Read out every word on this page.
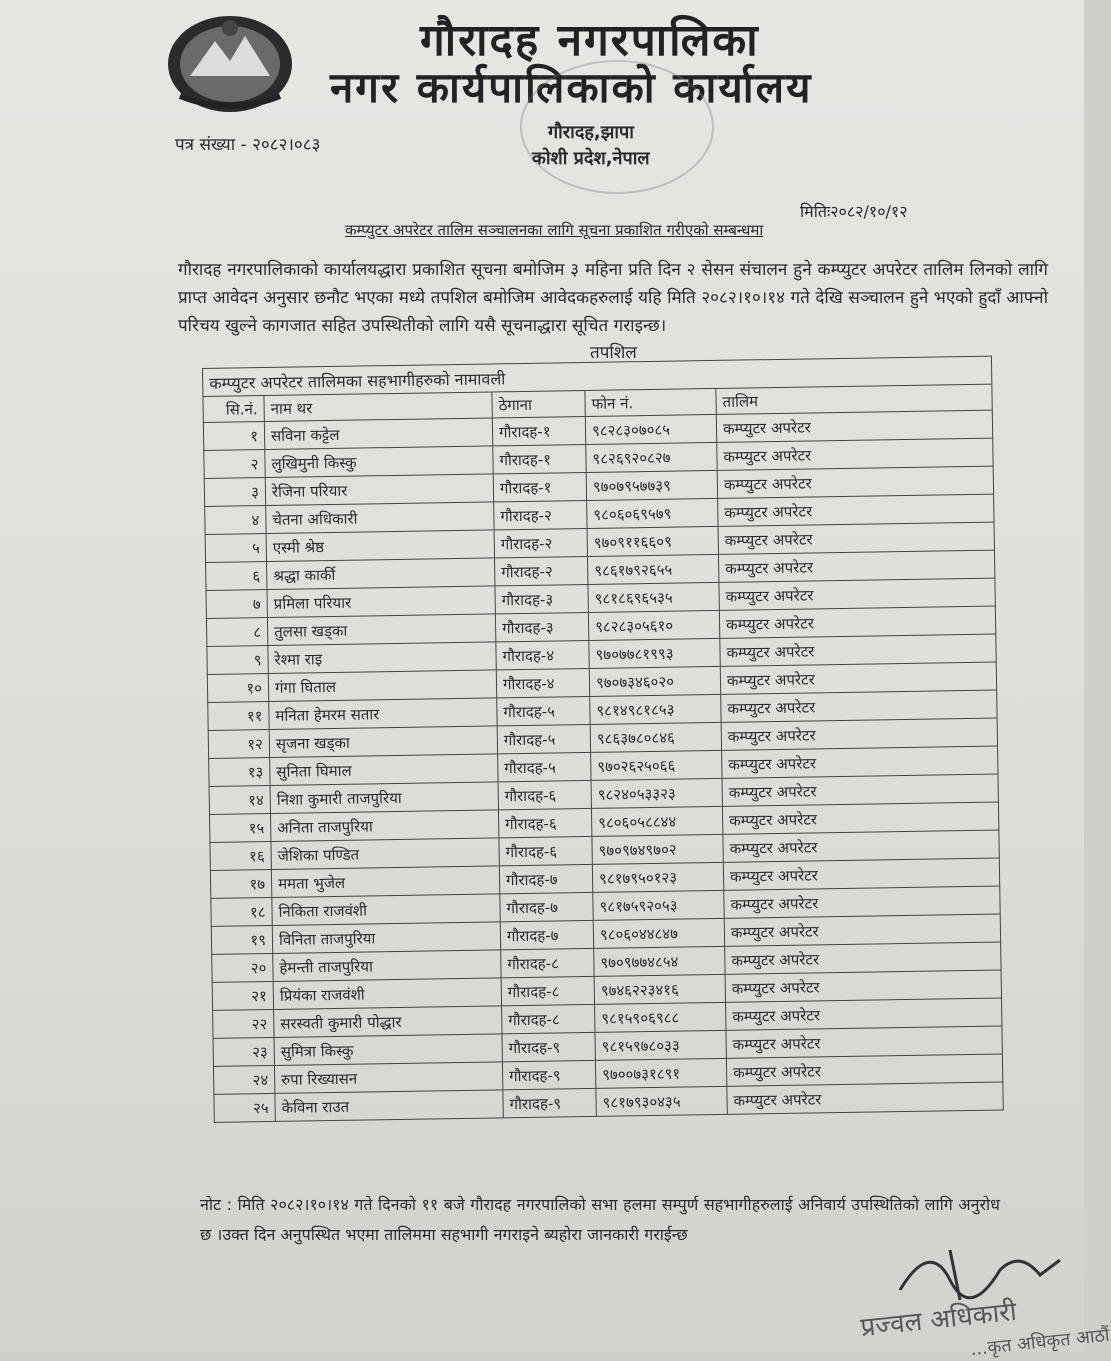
गौरादह नगरपालिका
नगर कार्यपालिकाको कार्यालय
पत्र संख्या - २०८२।०८३
गौरादह,झापा
कोशी प्रदेश,नेपाल
मितिः२०८२/१०/१२
कम्प्युटर अपरेटर तालिम सञ्चालनका लागि सूचना प्रकाशित गरीएको सम्बन्धमा
गौरादह नगरपालिकाको कार्यालयद्धारा प्रकाशित सूचना बमोजिम ३ महिना प्रति दिन २ सेसन संचालन हुने कम्प्युटर अपरेटर तालिम लिनको लागि प्राप्त आवेदन अनुसार छनौट भएका मध्ये तपशिल बमोजिम आवेदकहरुलाई यहि मिति २०८२।१०।१४ गते देखि सञ्चालन हुने भएको हुदाँ आफ्नो परिचय खुल्ने कागजात सहित उपस्थितीको लागि यसै सूचनाद्धारा सूचित गराइन्छ।
तपशिल
कम्प्युटर अपरेटर तालिमका सहभागीहरुको नामावली				
सि.नं.	नाम थर	ठेगाना	फोन नं.	तालिम
१	सविना कट्टेल	गौरादह-१	९८२८३०७०८५	कम्प्युटर अपरेटर
२	लुखिमुनी किस्कु	गौरादह-१	९८२६९२०८२७	कम्प्युटर अपरेटर
३	रेजिना परियार	गौरादह-१	९७०७९५७७३९	कम्प्युटर अपरेटर
४	चेतना अधिकारी	गौरादह-२	९८०६०६९५७९	कम्प्युटर अपरेटर
५	एस्मी श्रेष्ठ	गौरादह-२	९७०९११६६०९	कम्प्युटर अपरेटर
६	श्रद्धा कार्की	गौरादह-२	९८६१७९२६५५	कम्प्युटर अपरेटर
७	प्रमिला परियार	गौरादह-३	९८१८६९६५३५	कम्प्युटर अपरेटर
८	तुलसा खड्का	गौरादह-३	९८२८३०५६१०	कम्प्युटर अपरेटर
९	रेश्मा राइ	गौरादह-४	९७०७७८१९९३	कम्प्युटर अपरेटर
१०	गंगा घिताल	गौरादह-४	९७०७३४६०२०	कम्प्युटर अपरेटर
११	मनिता हेमरम सतार	गौरादह-५	९८१४९८१८५३	कम्प्युटर अपरेटर
१२	सृजना खड्का	गौरादह-५	९८६३७८०८४६	कम्प्युटर अपरेटर
१३	सुनिता घिमाल	गौरादह-५	९७०२६२५०६६	कम्प्युटर अपरेटर
१४	निशा कुमारी ताजपुरिया	गौरादह-६	९८२४०५३३२३	कम्प्युटर अपरेटर
१५	अनिता ताजपुरिया	गौरादह-६	९८०६०५८८४४	कम्प्युटर अपरेटर
१६	जेशिका पण्डित	गौरादह-६	९७०९७४९७०२	कम्प्युटर अपरेटर
१७	ममता भुजेल	गौरादह-७	९८१७९५०१२३	कम्प्युटर अपरेटर
१८	निकिता राजवंशी	गौरादह-७	९८१७५९२०५३	कम्प्युटर अपरेटर
१९	विनिता ताजपुरिया	गौरादह-७	९८०६०४४८४७	कम्प्युटर अपरेटर
२०	हेमन्ती ताजपुरिया	गौरादह-८	९७०९७७४८५४	कम्प्युटर अपरेटर
२१	प्रियंका राजवंशी	गौरादह-८	९७४६२२३४१६	कम्प्युटर अपरेटर
२२	सरस्वती कुमारी पोद्धार	गौरादह-८	९८१५९०६९८८	कम्प्युटर अपरेटर
२३	सुमित्रा किस्कु	गौरादह-९	९८१५९७८०३३	कम्प्युटर अपरेटर
२४	रुपा रिख्यासन	गौरादह-९	९७००७३१८९१	कम्प्युटर अपरेटर
२५	केविना राउत	गौरादह-९	९८१७९३०४३५	कम्प्युटर अपरेटर
नोट : मिति २०८२।१०।१४ गते दिनको ११ बजे गौरादह नगरपालिको सभा हलमा सम्पुर्ण सहभागीहरुलाई अनिवार्य उपस्थितिको लागि अनुरोध छ ।उक्त दिन अनुपस्थित भएमा तालिममा सहभागी नगराइने ब्यहोरा जानकारी गराईन्छ
प्रज्वल अधिकारी
...कृत अधिकृत आठौं
